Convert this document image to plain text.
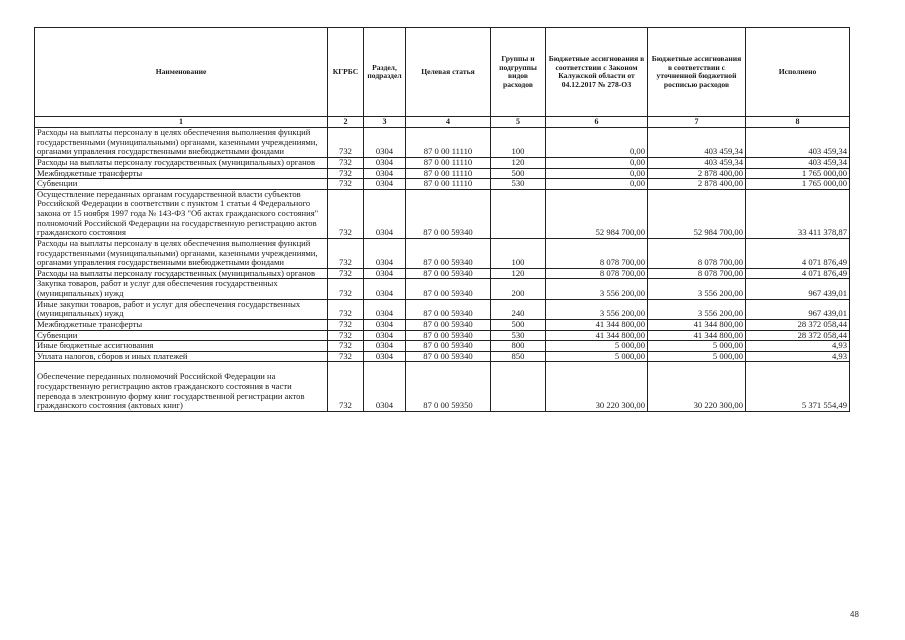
Наименование	КГРБС	Раздел, подраздел	Целевая статья	Группы и подгруппы видов расходов	Бюджетные ассигнования в соответствии с Законом Калужской области от 04.12.2017 № 278-ОЗ	Бюджетные ассигнования в соответствии с уточненной бюджетной росписью расходов	Исполнено
1	2	3	4	5	6	7	8
Расходы на выплаты персоналу в целях обеспечения выполнения функций государственными (муниципальными) органами, казенными учреждениями, органами управления государственными внебюджетными фондами	732	0304	87 0 00 11110	100	0,00	403 459,34	403 459,34
Расходы на выплаты персоналу государственных (муниципальных) органов	732	0304	87 0 00 11110	120	0,00	403 459,34	403 459,34
Межбюджетные трансферты	732	0304	87 0 00 11110	500	0,00	2 878 400,00	1 765 000,00
Субвенции	732	0304	87 0 00 11110	530	0,00	2 878 400,00	1 765 000,00
Осуществление переданных органам государственной власти субъектов Российской Федерации в соответствии с пунктом 1 статьи 4 Федерального закона от 15 ноября 1997 года № 143-ФЗ "Об актах гражданского состояния" полномочий Российской Федерации на государственную регистрацию актов гражданского состояния	732	0304	87 0 00 59340		52 984 700,00	52 984 700,00	33 411 378,87
Расходы на выплаты персоналу в целях обеспечения выполнения функций государственными (муниципальными) органами, казенными учреждениями, органами управления государственными внебюджетными фондами	732	0304	87 0 00 59340	100	8 078 700,00	8 078 700,00	4 071 876,49
Расходы на выплаты персоналу государственных (муниципальных) органов	732	0304	87 0 00 59340	120	8 078 700,00	8 078 700,00	4 071 876,49
Закупка товаров, работ и услуг для обеспечения государственных (муниципальных) нужд	732	0304	87 0 00 59340	200	3 556 200,00	3 556 200,00	967 439,01
Иные закупки товаров, работ и услуг для обеспечения государственных (муниципальных) нужд	732	0304	87 0 00 59340	240	3 556 200,00	3 556 200,00	967 439,01
Межбюджетные трансферты	732	0304	87 0 00 59340	500	41 344 800,00	41 344 800,00	28 372 058,44
Субвенции	732	0304	87 0 00 59340	530	41 344 800,00	41 344 800,00	28 372 058,44
Иные бюджетные ассигнования	732	0304	87 0 00 59340	800	5 000,00	5 000,00	4,93
Уплата налогов, сборов и иных платежей	732	0304	87 0 00 59340	850	5 000,00	5 000,00	4,93
Обеспечение переданных полномочий Российской Федерации на государственную регистрацию актов гражданского состояния в части перевода в электронную форму книг государственной регистрации актов гражданского состояния (актовых книг)	732	0304	87 0 00 59350		30 220 300,00	30 220 300,00	5 371 554,49
48
